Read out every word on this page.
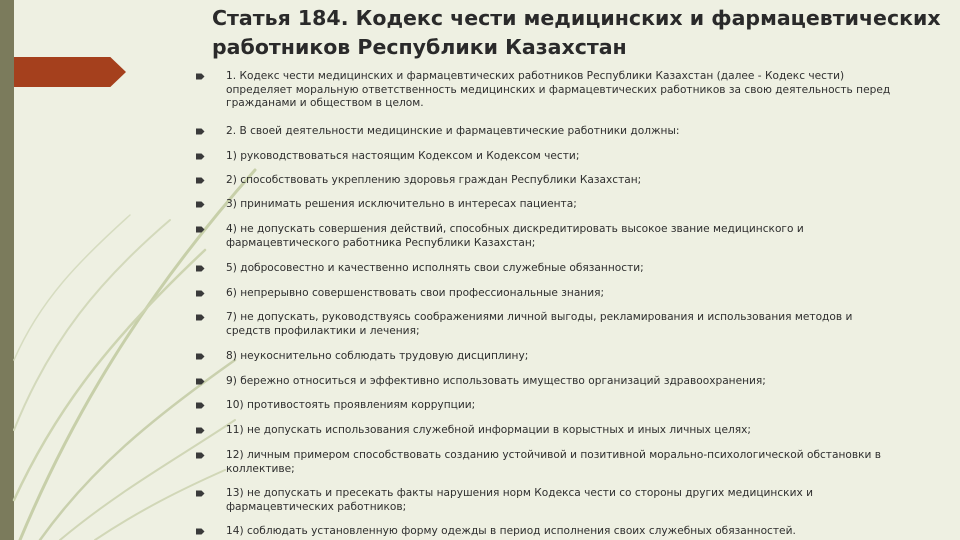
Статья 184. Кодекс чести медицинских и фармацевтических работников Республики Казахстан
1. Кодекс чести медицинских и фармацевтических работников Республики Казахстан (далее - Кодекс чести) определяет моральную ответственность медицинских и фармацевтических работников за свою деятельность перед гражданами и обществом в целом.
2. В своей деятельности медицинские и фармацевтические работники должны:
1) руководствоваться настоящим Кодексом и Кодексом чести;
2) способствовать укреплению здоровья граждан Республики Казахстан;
3) принимать решения исключительно в интересах пациента;
4) не допускать совершения действий, способных дискредитировать высокое звание медицинского и фармацевтического работника Республики Казахстан;
5) добросовестно и качественно исполнять свои служебные обязанности;
6) непрерывно совершенствовать свои профессиональные знания;
7) не допускать, руководствуясь соображениями личной выгоды, рекламирования и использования методов и средств профилактики и лечения;
8) неукоснительно соблюдать трудовую дисциплину;
9) бережно относиться и эффективно использовать имущество организаций здравоохранения;
10) противостоять проявлениям коррупции;
11) не допускать использования служебной информации в корыстных и иных личных целях;
12) личным примером способствовать созданию устойчивой и позитивной морально-психологической обстановки в коллективе;
13) не допускать и пресекать факты нарушения норм Кодекса чести со стороны других медицинских и фармацевтических работников;
14) соблюдать установленную форму одежды в период исполнения своих служебных обязанностей.
